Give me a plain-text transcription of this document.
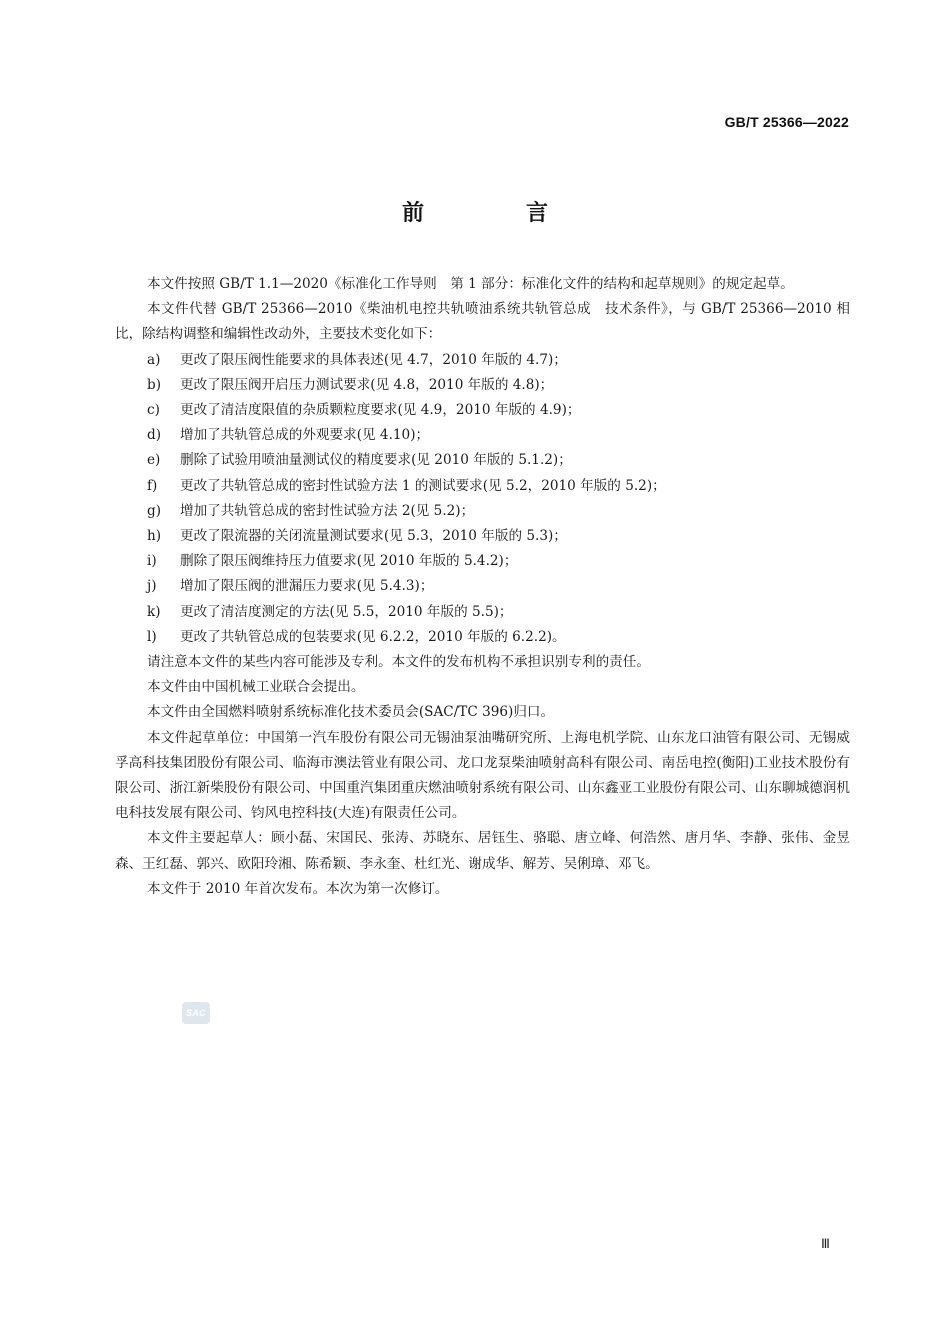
GB/T 25366—2022
前　言

本文件按照 GB/T 1.1—2020《标准化工作导则　第 1 部分：标准化文件的结构和起草规则》的规定起草。

本文件代替 GB/T 25366—2010《柴油机电控共轨喷油系统共轨管总成　技术条件》，与 GB/T 25366—2010 相比，除结构调整和编辑性改动外，主要技术变化如下：

a) 更改了限压阀性能要求的具体表述(见 4.7，2010 年版的 4.7)；

b) 更改了限压阀开启压力测试要求(见 4.8，2010 年版的 4.8)；

c) 更改了清洁度限值的杂质颗粒度要求(见 4.9，2010 年版的 4.9)；

d) 增加了共轨管总成的外观要求(见 4.10)；

e) 删除了试验用喷油量测试仪的精度要求(见 2010 年版的 5.1.2)；

f) 更改了共轨管总成的密封性试验方法 1 的测试要求(见 5.2，2010 年版的 5.2)；

g) 增加了共轨管总成的密封性试验方法 2(见 5.2)；

h) 更改了限流器的关闭流量测试要求(见 5.3，2010 年版的 5.3)；

i) 删除了限压阀维持压力值要求(见 2010 年版的 5.4.2)；

j) 增加了限压阀的泄漏压力要求(见 5.4.3)；

k) 更改了清洁度测定的方法(见 5.5，2010 年版的 5.5)；

l) 更改了共轨管总成的包装要求(见 6.2.2，2010 年版的 6.2.2)。

请注意本文件的某些内容可能涉及专利。本文件的发布机构不承担识别专利的责任。

本文件由中国机械工业联合会提出。

本文件由全国燃料喷射系统标准化技术委员会(SAC/TC 396)归口。

本文件起草单位：中国第一汽车股份有限公司无锡油泵油嘴研究所、上海电机学院、山东龙口油管有限公司、无锡威孚高科技集团股份有限公司、临海市澳法管业有限公司、龙口龙泵柴油喷射高科有限公司、南岳电控(衡阳)工业技术股份有限公司、浙江新柴股份有限公司、中国重汽集团重庆燃油喷射系统有限公司、山东鑫亚工业股份有限公司、山东聊城德润机电科技发展有限公司、钧风电控科技(大连)有限责任公司。

本文件主要起草人：顾小磊、宋国民、张涛、苏晓东、居钰生、骆聪、唐立峰、何浩然、唐月华、李静、张伟、金昱森、王红磊、郭兴、欧阳玲湘、陈希颖、李永奎、杜红光、谢成华、解芳、吴俐璋、邓飞。

本文件于 2010 年首次发布。本次为第一次修订。

SAC
Ⅲ
